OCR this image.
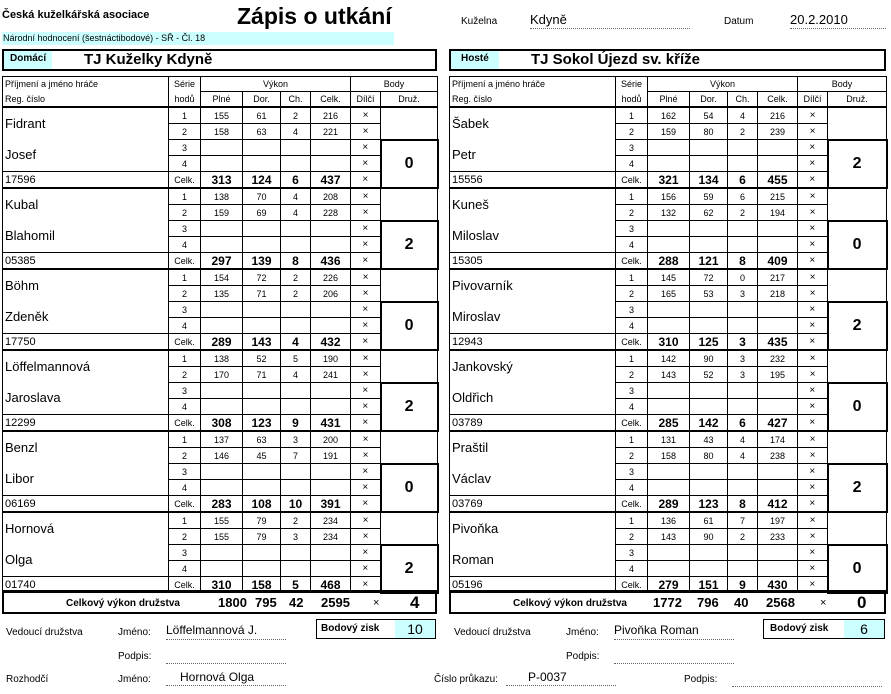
Česká kuželkářská asociace
Národní hodnocení (šestnáctibodové) - SŘ - Čl. 18
Zápis o utkání	Kuželna	Kdyně	Datum	20.2.2010
Domácí	TJ Kuželky Kdyně	Hosté	TJ Sokol Újezd sv. kříže
Příjmení a jméno hráče	Série	Výkon				Body	
Reg. číslo	hodů	Plné	Dor.	Ch.	Celk.	Dílčí	Druž.
Fidrant	1	155	61	2	216	×	
	2	158	63	4	221	×	
Josef	3					×	0
	4					×	
17596	Celk.	313	124	6	437	×	
Kubal	1	138	70	4	208	×	
	2	159	69	4	228	×	
Blahomil	3					×	2
	4					×	
05385	Celk.	297	139	8	436	×	
Böhm	1	154	72	2	226	×	
	2	135	71	2	206	×	
Zdeněk	3					×	0
	4					×	
17750	Celk.	289	143	4	432	×	
Löffelmannová	1	138	52	5	190	×	
	2	170	71	4	241	×	
Jaroslava	3					×	2
	4					×	
12299	Celk.	308	123	9	431	×	
Benzl	1	137	63	3	200	×	
	2	146	45	7	191	×	
Libor	3					×	0
	4					×	
06169	Celk.	283	108	10	391	×	
Hornová	1	155	79	2	234	×	
	2	155	79	3	234	×	
Olga	3					×	2
	4					×	
01740	Celk.	310	158	5	468	×	
Příjmení a jméno hráče	Série	Výkon				Body	
Reg. číslo	hodů	Plné	Dor.	Ch.	Celk.	Dílčí	Druž.
Šabek	1	162	54	4	216	×	
	2	159	80	2	239	×	
Petr	3					×	2
	4					×	
15556	Celk.	321	134	6	455	×	
Kuneš	1	156	59	6	215	×	
	2	132	62	2	194	×	
Miloslav	3					×	0
	4					×	
15305	Celk.	288	121	8	409	×	
Pivovarník	1	145	72	0	217	×	
	2	165	53	3	218	×	
Miroslav	3					×	2
	4					×	
12943	Celk.	310	125	3	435	×	
Jankovský	1	142	90	3	232	×	
	2	143	52	3	195	×	
Oldřich	3					×	0
	4					×	
03789	Celk.	285	142	6	427	×	
Praštil	1	131	43	4	174	×	
	2	158	80	4	238	×	
Václav	3					×	2
	4					×	
03769	Celk.	289	123	8	412	×	
Pivoňka	1	136	61	7	197	×	
	2	143	90	2	233	×	
Roman	3					×	0
	4					×	
05196	Celk.	279	151	9	430	×	
Celkový výkon družstva	1800 795 42 2595 × 4	Celkový výkon družstva 1772 796 40 2568 × 0
Vedoucí družstva	Jméno: Löffelmannová J.	Bodový zisk	10
Podpis:
Vedoucí družstva	Jméno: Pivoňka Roman	Bodový zisk	6
Podpis:
Rozhodčí	Jméno:	Hornová Olga	Číslo průkazu:	P-0037	Podpis:
